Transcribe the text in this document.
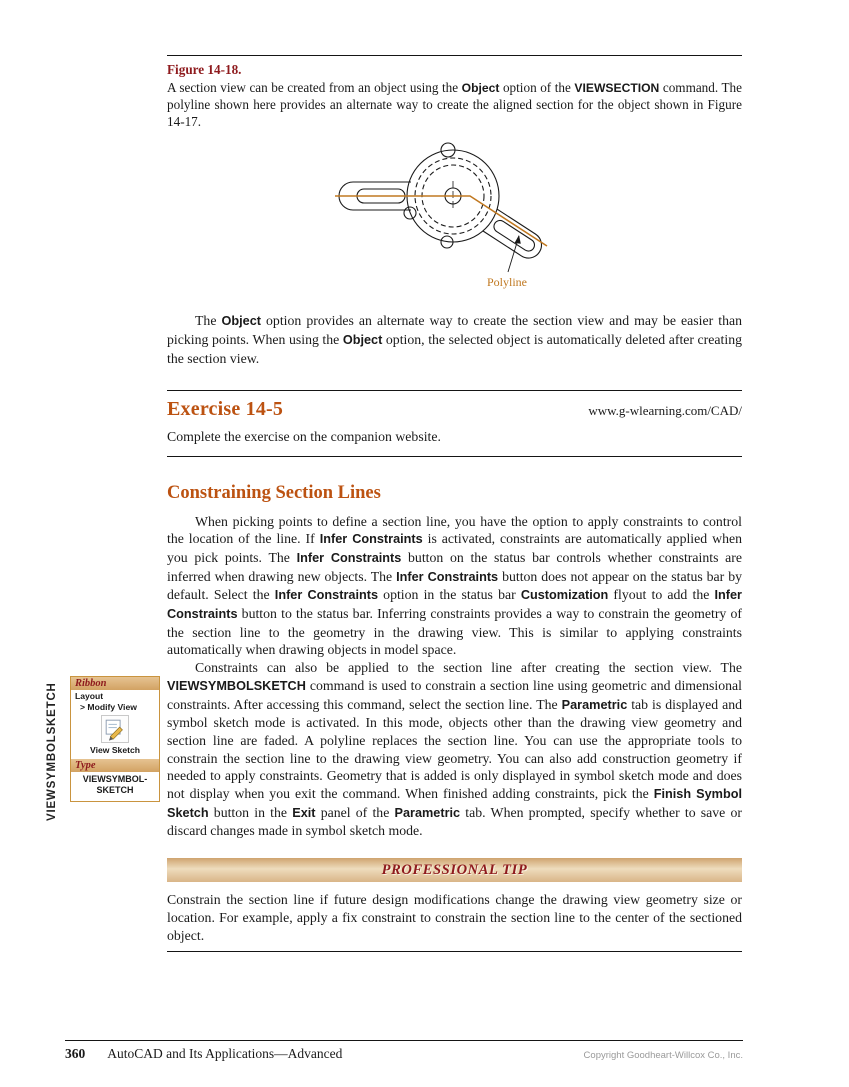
VIEWSYMBOLSKETCH	Ribbon
Layout
> Modify View
View Sketch
Type
VIEWSYMBOL-
SKETCH
Figure 14-18.
A section view can be created from an object using the Object option of the VIEWSECTION command. The polyline shown here provides an alternate way to create the aligned section for the object shown in Figure 14-17.
Polyline
The Object option provides an alternate way to create the section view and may be easier than picking points. When using the Object option, the selected object is automatically deleted after creating the section view.
Exercise 14-5	www.g-wlearning.com/CAD/
Complete the exercise on the companion website.
Constraining Section Lines
When picking points to define a section line, you have the option to apply constraints to control the location of the line. If Infer Constraints is activated, constraints are automatically applied when you pick points. The Infer Constraints button on the status bar controls whether constraints are inferred when drawing new objects. The Infer Constraints button does not appear on the status bar by default. Select the Infer Constraints option in the status bar Customization flyout to add the Infer Constraints button to the status bar. Inferring constraints provides a way to constrain the geometry of the section line to the geometry in the drawing view. This is similar to applying constraints automatically when drawing objects in model space.
Constraints can also be applied to the section line after creating the section view. The VIEWSYMBOLSKETCH command is used to constrain a section line using geometric and dimensional constraints. After accessing this command, select the section line. The Parametric tab is displayed and symbol sketch mode is activated. In this mode, objects other than the drawing view geometry and section line are faded. A polyline replaces the section line. You can use the appropriate tools to constrain the section line to the drawing view geometry. You can also add construction geometry if needed to apply constraints. Geometry that is added is only displayed in symbol sketch mode and does not display when you exit the command. When finished adding constraints, pick the Finish Symbol Sketch button in the Exit panel of the Parametric tab. When prompted, specify whether to save or discard changes made in symbol sketch mode.
PROFESSIONAL TIP
Constrain the section line if future design modifications change the drawing view geometry size or location. For example, apply a fix constraint to constrain the section line to the center of the sectioned object.
360 AutoCAD and Its Applications—Advanced	Copyright Goodheart-Willcox Co., Inc.
